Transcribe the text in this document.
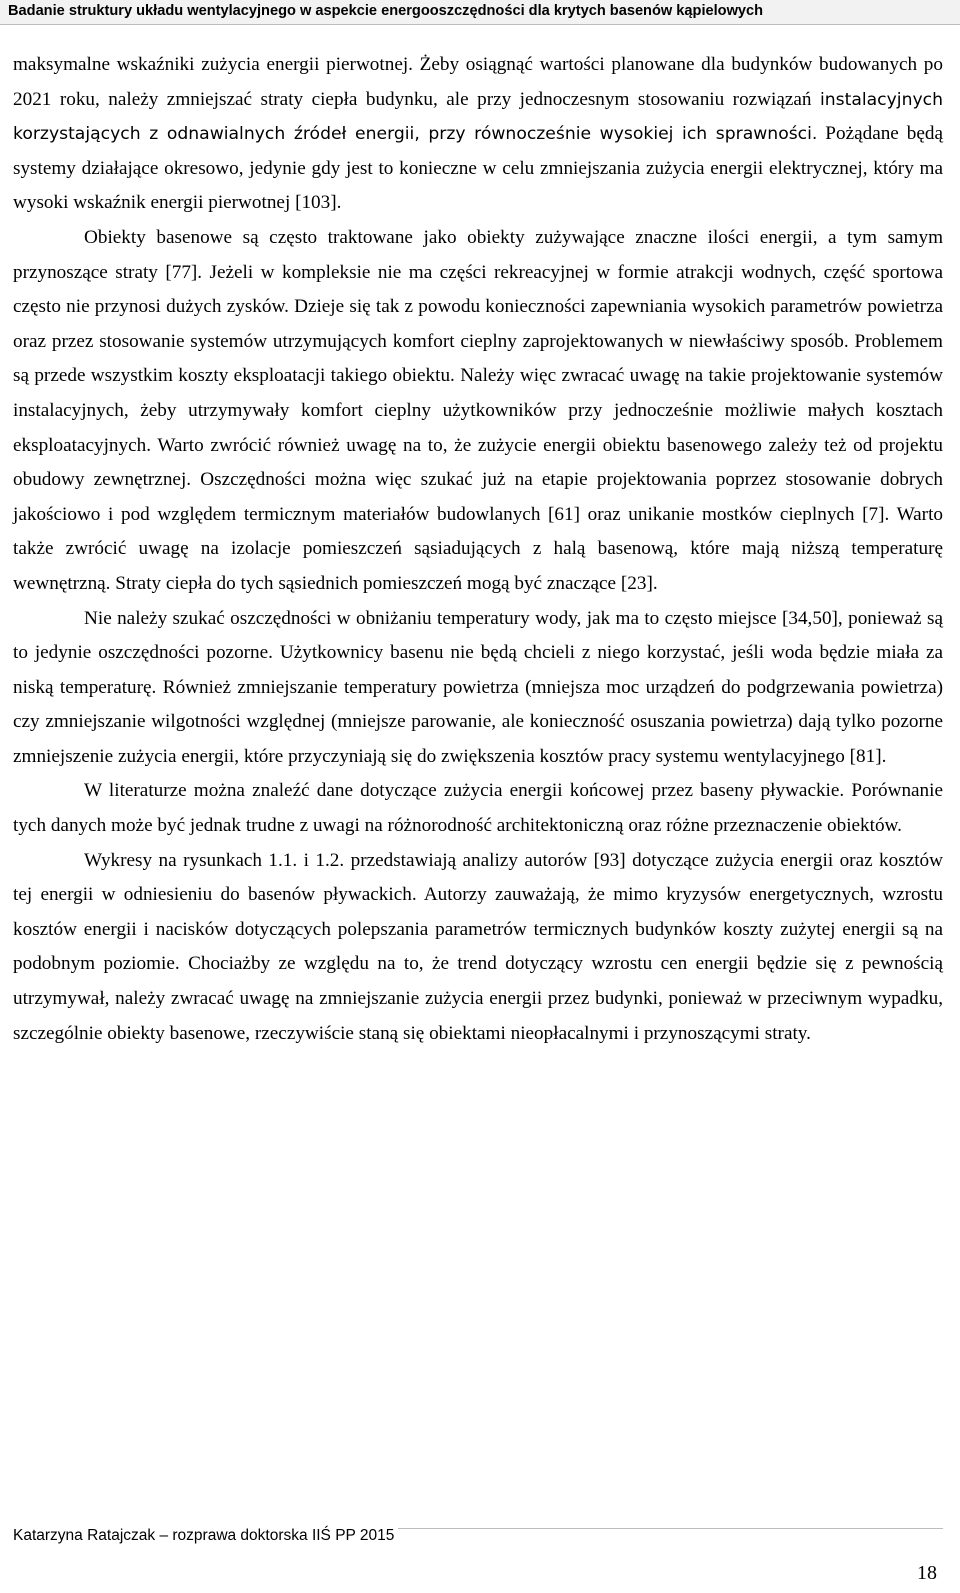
Badanie struktury układu wentylacyjnego w aspekcie energooszczędności dla krytych basenów kąpielowych

maksymalne wskaźniki zużycia energii pierwotnej. Żeby osiągnąć wartości planowane dla budynków budowanych po 2021 roku, należy zmniejszać straty ciepła budynku, ale przy jednoczesnym stosowaniu rozwiązań instalacyjnych korzystających z odnawialnych źródeł energii, przy równocześnie wysokiej ich sprawności. Pożądane będą systemy działające okresowo, jedynie gdy jest to konieczne w celu zmniejszania zużycia energii elektrycznej, który ma wysoki wskaźnik energii pierwotnej [103].

Obiekty basenowe są często traktowane jako obiekty zużywające znaczne ilości energii, a tym samym przynoszące straty [77]. Jeżeli w kompleksie nie ma części rekreacyjnej w formie atrakcji wodnych, część sportowa często nie przynosi dużych zysków. Dzieje się tak z powodu konieczności zapewniania wysokich parametrów powietrza oraz przez stosowanie systemów utrzymujących komfort cieplny zaprojektowanych w niewłaściwy sposób. Problemem są przede wszystkim koszty eksploatacji takiego obiektu. Należy więc zwracać uwagę na takie projektowanie systemów instalacyjnych, żeby utrzymywały komfort cieplny użytkowników przy jednocześnie możliwie małych kosztach eksploatacyjnych. Warto zwrócić również uwagę na to, że zużycie energii obiektu basenowego zależy też od projektu obudowy zewnętrznej. Oszczędności można więc szukać już na etapie projektowania poprzez stosowanie dobrych jakościowo i pod względem termicznym materiałów budowlanych [61] oraz unikanie mostków cieplnych [7]. Warto także zwrócić uwagę na izolacje pomieszczeń sąsiadujących z halą basenową, które mają niższą temperaturę wewnętrzną. Straty ciepła do tych sąsiednich pomieszczeń mogą być znaczące [23].

Nie należy szukać oszczędności w obniżaniu temperatury wody, jak ma to często miejsce [34,50], ponieważ są to jedynie oszczędności pozorne. Użytkownicy basenu nie będą chcieli z niego korzystać, jeśli woda będzie miała za niską temperaturę. Również zmniejszanie temperatury powietrza (mniejsza moc urządzeń do podgrzewania powietrza) czy zmniejszanie wilgotności względnej (mniejsze parowanie, ale konieczność osuszania powietrza) dają tylko pozorne zmniejszenie zużycia energii, które przyczyniają się do zwiększenia kosztów pracy systemu wentylacyjnego [81].

W literaturze można znaleźć dane dotyczące zużycia energii końcowej przez baseny pływackie. Porównanie tych danych może być jednak trudne z uwagi na różnorodność architektoniczną oraz różne przeznaczenie obiektów.

Wykresy na rysunkach 1.1. i 1.2. przedstawiają analizy autorów [93] dotyczące zużycia energii oraz kosztów tej energii w odniesieniu do basenów pływackich. Autorzy zauważają, że mimo kryzysów energetycznych, wzrostu kosztów energii i nacisków dotyczących polepszania parametrów termicznych budynków koszty zużytej energii są na podobnym poziomie. Chociażby ze względu na to, że trend dotyczący wzrostu cen energii będzie się z pewnością utrzymywał, należy zwracać uwagę na zmniejszanie zużycia energii przez budynki, ponieważ w przeciwnym wypadku, szczególnie obiekty basenowe, rzeczywiście staną się obiektami nieopłacalnymi i przynoszącymi straty.

Katarzyna Ratajczak – rozprawa doktorska IIŚ PP 2015
18
